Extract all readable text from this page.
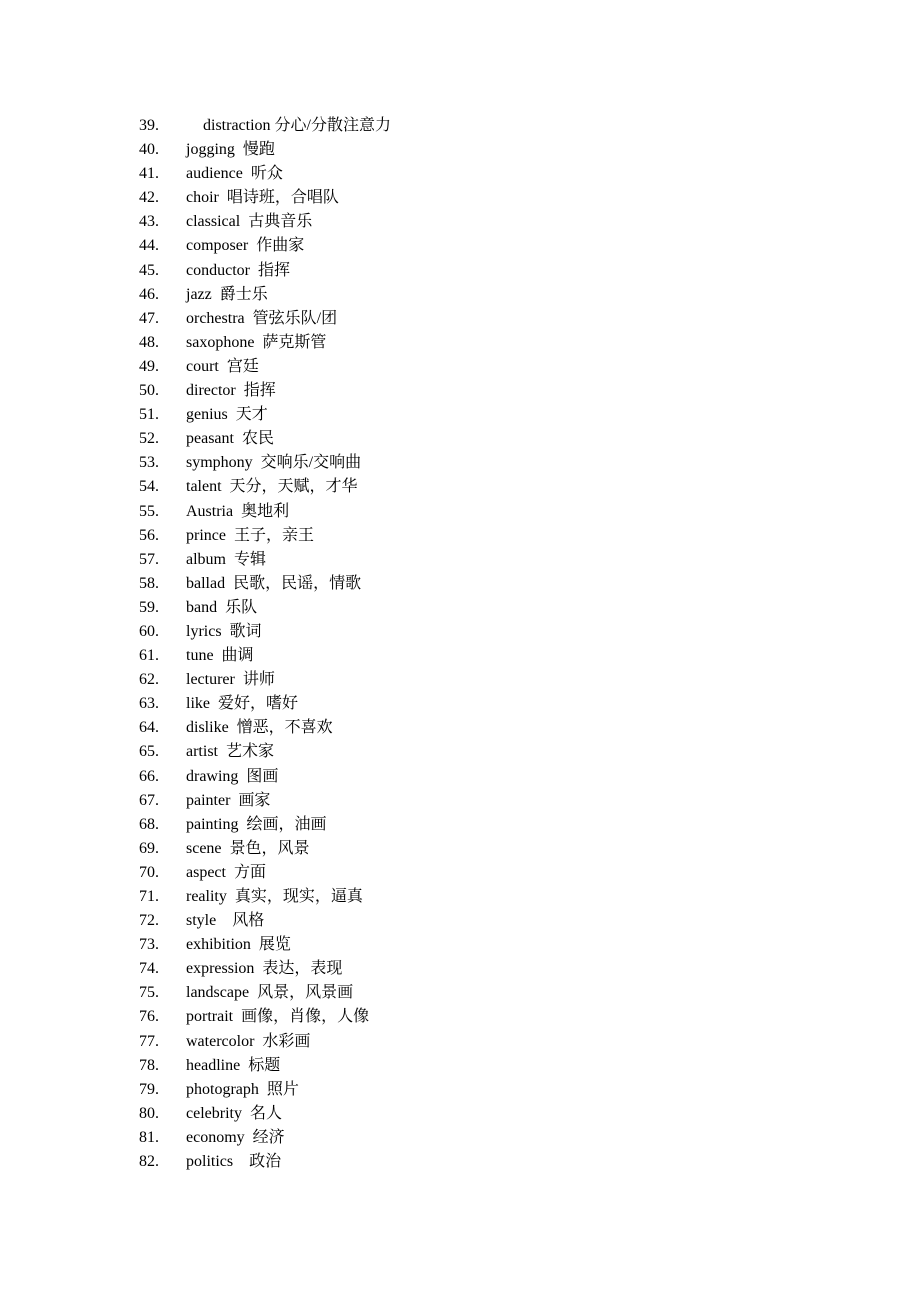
39.	distraction 分心/分散注意力
40.	jogging  慢跑
41.	audience  听众
42.	choir  唱诗班，合唱队
43.	classical  古典音乐
44.	composer  作曲家
45.	conductor  指挥
46.	jazz  爵士乐
47.	orchestra  管弦乐队/团
48.	saxophone  萨克斯管
49.	court  宫廷
50.	director  指挥
51.	genius  天才
52.	peasant  农民
53.	symphony  交响乐/交响曲
54.	talent  天分，天赋，才华
55.	Austria  奥地利
56.	prince  王子，亲王
57.	album  专辑
58.	ballad  民歌，民谣，情歌
59.	band  乐队
60.	lyrics  歌词
61.	tune  曲调
62.	lecturer  讲师
63.	like  爱好，嗜好
64.	dislike  憎恶，不喜欢
65.	artist  艺术家
66.	drawing  图画
67.	painter  画家
68.	painting  绘画，油画
69.	scene  景色，风景
70.	aspect  方面
71.	reality  真实，现实，逼真
72.	style    风格
73.	exhibition  展览
74.	expression  表达，表现
75.	landscape  风景，风景画
76.	portrait  画像，肖像，人像
77.	watercolor  水彩画
78.	headline  标题
79.	photograph  照片
80.	celebrity  名人
81.	economy  经济
82.	politics    政治
